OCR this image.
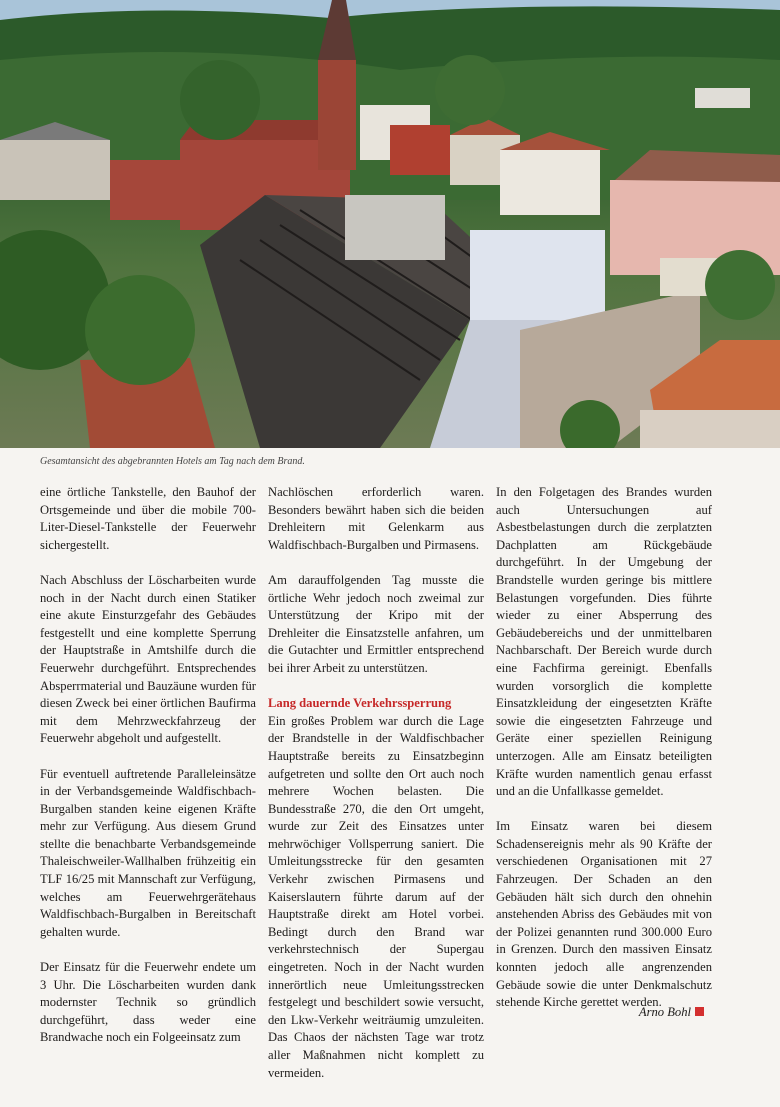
Gesamtansicht des abgebrannten Hotels am Tag nach dem Brand.

eine örtliche Tankstelle, den Bauhof der Ortsgemeinde und über die mobile 700-Liter-Diesel-Tankstelle der Feuerwehr sichergestellt.

Nach Abschluss der Löscharbeiten wurde noch in der Nacht durch einen Statiker eine akute Einsturzgefahr des Gebäudes festgestellt und eine komplette Sperrung der Hauptstraße in Amtshilfe durch die Feuerwehr durchgeführt. Entsprechendes Absperrmaterial und Bauzäune wurden für diesen Zweck bei einer örtlichen Baufirma mit dem Mehrzweckfahrzeug der Feuerwehr abgeholt und aufgestellt.

Für eventuell auftretende Paralleleinsätze in der Verbandsgemeinde Waldfischbach-Burgalben standen keine eigenen Kräfte mehr zur Verfügung. Aus diesem Grund stellte die benachbarte Verbandsgemeinde Thaleischweiler-Wallhalben frühzeitig ein TLF 16/25 mit Mannschaft zur Verfügung, welches am Feuerwehrgerätehaus Waldfischbach-Burgalben in Bereitschaft gehalten wurde.

Der Einsatz für die Feuerwehr endete um 3 Uhr. Die Löscharbeiten wurden dank modernster Technik so gründlich durchgeführt, dass weder eine Brandwache noch ein Folgeeinsatz zum

Nachlöschen erforderlich waren. Besonders bewährt haben sich die beiden Drehleitern mit Gelenkarm aus Waldfischbach-Burgalben und Pirmasens.

Am darauffolgenden Tag musste die örtliche Wehr jedoch noch zweimal zur Unterstützung der Kripo mit der Drehleiter die Einsatzstelle anfahren, um die Gutachter und Ermittler entsprechend bei ihrer Arbeit zu unterstützen.

Lang dauernde Verkehrssperrung

Ein großes Problem war durch die Lage der Brandstelle in der Waldfischbacher Hauptstraße bereits zu Einsatzbeginn aufgetreten und sollte den Ort auch noch mehrere Wochen belasten. Die Bundesstraße 270, die den Ort umgeht, wurde zur Zeit des Einsatzes unter mehrwöchiger Vollsperrung saniert. Die Umleitungsstrecke für den gesamten Verkehr zwischen Pirmasens und Kaiserslautern führte darum auf der Hauptstraße direkt am Hotel vorbei. Bedingt durch den Brand war verkehrstechnisch der Supergau eingetreten. Noch in der Nacht wurden innerörtlich neue Umleitungsstrecken festgelegt und beschildert sowie versucht, den Lkw-Verkehr weiträumig umzuleiten. Das Chaos der nächsten Tage war trotz aller Maßnahmen nicht komplett zu vermeiden.

In den Folgetagen des Brandes wurden auch Untersuchungen auf Asbestbelastungen durch die zerplatzten Dachplatten am Rückgebäude durchgeführt. In der Umgebung der Brandstelle wurden geringe bis mittlere Belastungen vorgefunden. Dies führte wieder zu einer Absperrung des Gebäudebereichs und der unmittelbaren Nachbarschaft. Der Bereich wurde durch eine Fachfirma gereinigt. Ebenfalls wurden vorsorglich die komplette Einsatzkleidung der eingesetzten Kräfte sowie die eingesetzten Fahrzeuge und Geräte einer speziellen Reinigung unterzogen. Alle am Einsatz beteiligten Kräfte wurden namentlich genau erfasst und an die Unfallkasse gemeldet.

Im Einsatz waren bei diesem Schadensereignis mehr als 90 Kräfte der verschiedenen Organisationen mit 27 Fahrzeugen. Der Schaden an den Gebäuden hält sich durch den ohnehin anstehenden Abriss des Gebäudes mit von der Polizei genannten rund 300.000 Euro in Grenzen. Durch den massiven Einsatz konnten jedoch alle angrenzenden Gebäude sowie die unter Denkmalschutz stehende Kirche gerettet werden.

Arno Bohl
